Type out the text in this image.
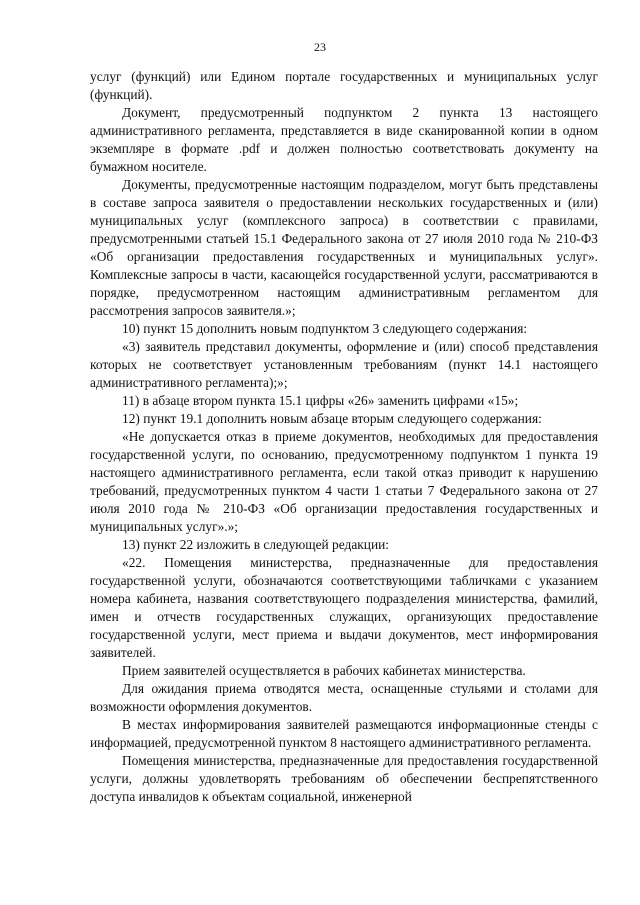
23

услуг (функций) или Едином портале государственных и муниципальных услуг (функций).

Документ, предусмотренный подпунктом 2 пункта 13 настоящего административного регламента, представляется в виде сканированной копии в одном экземпляре в формате .pdf и должен полностью соответствовать документу на бумажном носителе.

Документы, предусмотренные настоящим подразделом, могут быть представлены в составе запроса заявителя о предоставлении нескольких государственных и (или) муниципальных услуг (комплексного запроса) в соответствии с правилами, предусмотренными статьей 15.1 Федерального закона от 27 июля 2010 года № 210-ФЗ «Об организации предоставления государственных и муниципальных услуг». Комплексные запросы в части, касающейся государственной услуги, рассматриваются в порядке, предусмотренном настоящим административным регламентом для рассмотрения запросов заявителя.»;

10) пункт 15 дополнить новым подпунктом 3 следующего содержания:

«3) заявитель представил документы, оформление и (или) способ представления которых не соответствует установленным требованиям (пункт 14.1 настоящего административного регламента);»;

11) в абзаце втором пункта 15.1 цифры «26» заменить цифрами «15»;

12) пункт 19.1 дополнить новым абзаце вторым следующего содержания:

«Не допускается отказ в приеме документов, необходимых для предоставления государственной услуги, по основанию, предусмотренному подпунктом 1 пункта 19 настоящего административного регламента, если такой отказ приводит к нарушению требований, предусмотренных пунктом 4 части 1 статьи 7 Федерального закона от 27 июля 2010 года № 210-ФЗ «Об организации предоставления государственных и муниципальных услуг».»;

13) пункт 22 изложить в следующей редакции:

«22. Помещения министерства, предназначенные для предоставления государственной услуги, обозначаются соответствующими табличками с указанием номера кабинета, названия соответствующего подразделения министерства, фамилий, имен и отчеств государственных служащих, организующих предоставление государственной услуги, мест приема и выдачи документов, мест информирования заявителей.

Прием заявителей осуществляется в рабочих кабинетах министерства.

Для ожидания приема отводятся места, оснащенные стульями и столами для возможности оформления документов.

В местах информирования заявителей размещаются информационные стенды с информацией, предусмотренной пунктом 8 настоящего административного регламента.

Помещения министерства, предназначенные для предоставления государственной услуги, должны удовлетворять требованиям об обеспечении беспрепятственного доступа инвалидов к объектам социальной, инженерной
